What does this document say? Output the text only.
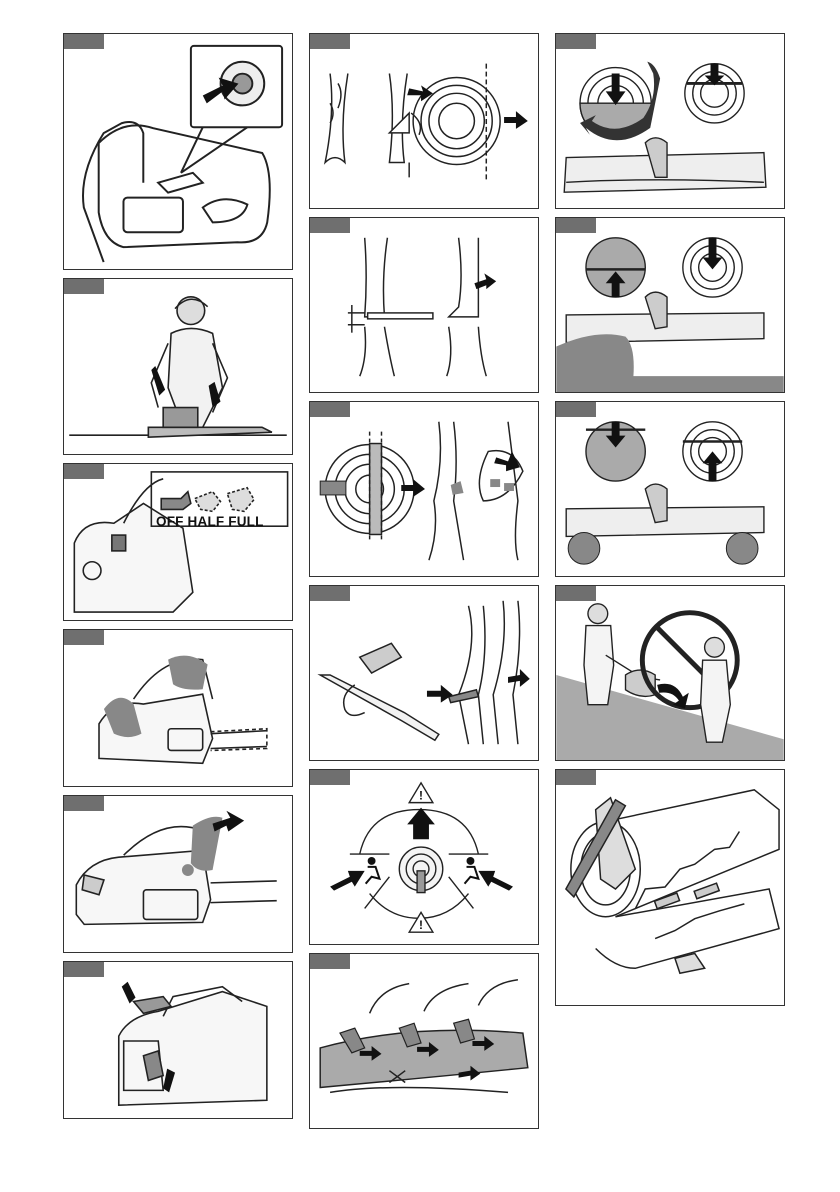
OFF HALF FULL
!
!
